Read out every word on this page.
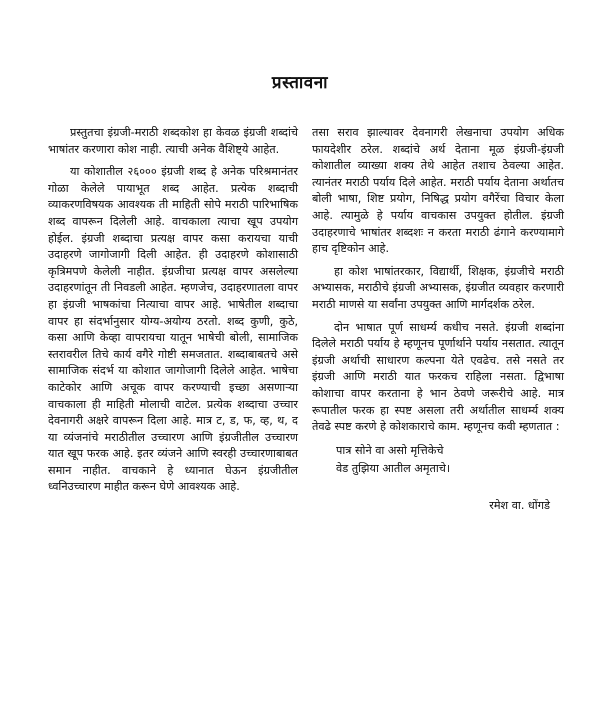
प्रस्तावना

प्रस्तुतचा इंग्रजी-मराठी शब्दकोश हा केवळ इंग्रजी शब्दांचे भाषांतर करणारा कोश नाही. त्याची अनेक वैशिष्ट्ये आहेत.

या कोशातील २६००० इंग्रजी शब्द हे अनेक परिश्रमानंतर गोळा केलेले पायाभूत शब्द आहेत. प्रत्येक शब्दाची व्याकरणविषयक आवश्यक ती माहिती सोपे मराठी पारिभाषिक शब्द वापरून दिलेली आहे. वाचकाला त्याचा खूप उपयोग होईल. इंग्रजी शब्दाचा प्रत्यक्ष वापर कसा करायचा याची उदाहरणे जागोजागी दिली आहेत. ही उदाहरणे कोशासाठी कृत्रिमपणे केलेली नाहीत. इंग्रजीचा प्रत्यक्ष वापर असलेल्या उदाहरणांतून ती निवडली आहेत. म्हणजेच, उदाहरणातला वापर हा इंग्रजी भाषकांचा नित्याचा वापर आहे. भाषेतील शब्दाचा वापर हा संदर्भानुसार योग्य-अयोग्य ठरतो. शब्द कुणी, कुठे, कसा आणि केव्हा वापरायचा यातून भाषेची बोली, सामाजिक स्तरावरील तिचे कार्य वगैरे गोष्टी समजतात. शब्दाबाबतचे असे सामाजिक संदर्भ या कोशात जागोजागी दिलेले आहेत. भाषेचा काटेकोर आणि अचूक वापर करण्याची इच्छा असणाऱ्या वाचकाला ही माहिती मोलाची वाटेल. प्रत्येक शब्दाचा उच्चार देवनागरी अक्षरे वापरून दिला आहे. मात्र ट, ड, फ, व्ह, थ, द या व्यंजनांचे मराठीतील उच्चारण आणि इंग्रजीतील उच्चारण यात खूप फरक आहे. इतर व्यंजने आणि स्वरही उच्चारणाबाबत समान नाहीत. वाचकाने हे ध्यानात घेऊन इंग्रजीतील ध्वनिउच्चारण माहीत करून घेणे आवश्यक आहे.

तसा सराव झाल्यावर देवनागरी लेखनाचा उपयोग अधिक फायदेशीर ठरेल. शब्दांचे अर्थ देताना मूळ इंग्रजी-इंग्रजी कोशातील व्याख्या शक्य तेथे आहेत तशाच ठेवल्या आहेत. त्यानंतर मराठी पर्याय दिले आहेत. मराठी पर्याय देताना अर्थातच बोली भाषा, शिष्ट प्रयोग, निषिद्ध प्रयोग वगैरेंचा विचार केला आहे. त्यामुळे हे पर्याय वाचकास उपयुक्त होतील. इंग्रजी उदाहरणाचे भाषांतर शब्दशः न करता मराठी ढंगाने करण्यामागे हाच दृष्टिकोन आहे.

हा कोश भाषांतरकार, विद्यार्थी, शिक्षक, इंग्रजीचे मराठी अभ्यासक, मराठीचे इंग्रजी अभ्यासक, इंग्रजीत व्यवहार करणारी मराठी माणसे या सर्वांना उपयुक्त आणि मार्गदर्शक ठरेल.

दोन भाषात पूर्ण साधर्म्य कधीच नसते. इंग्रजी शब्दांना दिलेले मराठी पर्याय हे म्हणूनच पूर्णार्थाने पर्याय नसतात. त्यातून इंग्रजी अर्थाची साधारण कल्पना येते एवढेच. तसे नसते तर इंग्रजी आणि मराठी यात फरकच राहिला नसता. द्विभाषा कोशाचा वापर करताना हे भान ठेवणे जरूरीचे आहे. मात्र रूपातील फरक हा स्पष्ट असला तरी अर्थातील साधर्म्य शक्य तेवढे स्पष्ट करणे हे कोशकाराचे काम. म्हणूनच कवी म्हणतात :

पात्र सोने वा असो मृत्तिकेचे
वेड तुझिया आतील अमृताचे।
रमेश वा. धोंगडे
